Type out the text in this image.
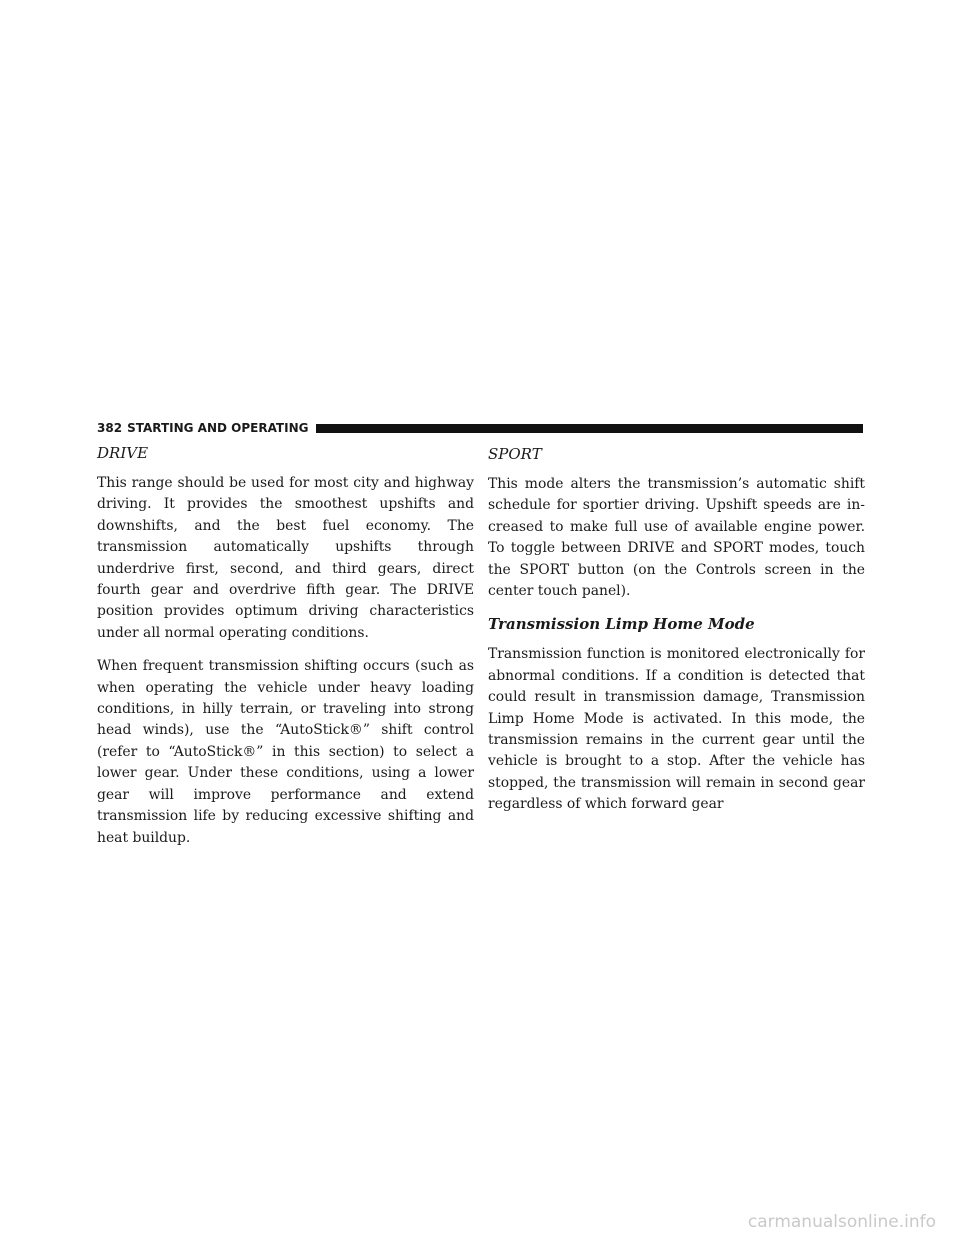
382 STARTING AND OPERATING
DRIVE

This range should be used for most city and highway driving. It provides the smoothest upshifts and downshifts, and the best fuel economy. The transmission automatically upshifts through underdrive first, second, and third gears, direct fourth gear and overdrive fifth gear. The DRIVE position provides optimum driving characteristics under all normal operating conditions.

When frequent transmission shifting occurs (such as when operating the vehicle under heavy loading conditions, in hilly terrain, or traveling into strong head winds), use the “AutoStick®” shift control (refer to “AutoStick®” in this section) to select a lower gear. Under these conditions, using a lower gear will improve performance and extend transmission life by reducing excessive shifting and heat buildup.

SPORT

This mode alters the transmission’s automatic shift schedule for sportier driving. Upshift speeds are increased to make full use of available engine power. To toggle between DRIVE and SPORT modes, touch the SPORT button (on the Controls screen in the center touch panel).

Transmission Limp Home Mode

Transmission function is monitored electronically for abnormal conditions. If a condition is detected that could result in transmission damage, Transmission Limp Home Mode is activated. In this mode, the transmission remains in the current gear until the vehicle is brought to a stop. After the vehicle has stopped, the transmission will remain in second gear regardless of which forward gear

carmanualsonline.info
